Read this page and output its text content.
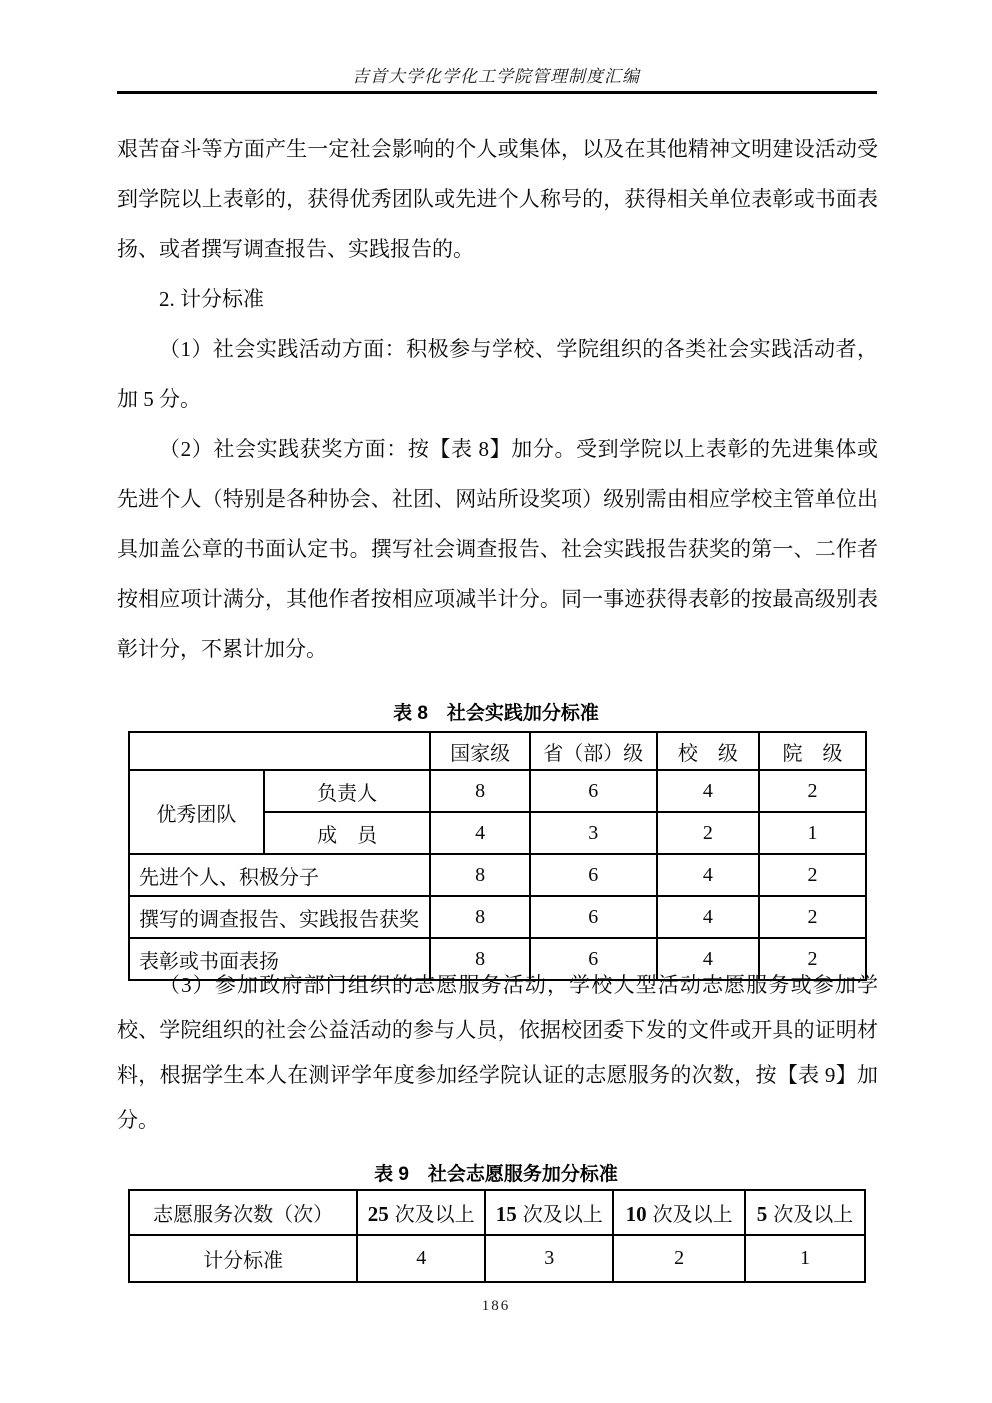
吉首大学化学化工学院管理制度汇编

艰苦奋斗等方面产生一定社会影响的个人或集体，以及在其他精神文明建设活动受到学院以上表彰的，获得优秀团队或先进个人称号的，获得相关单位表彰或书面表扬、或者撰写调查报告、实践报告的。

2. 计分标准

（1）社会实践活动方面：积极参与学校、学院组织的各类社会实践活动者，加 5 分。

（2）社会实践获奖方面：按【表 8】加分。受到学院以上表彰的先进集体或先进个人（特别是各种协会、社团、网站所设奖项）级别需由相应学校主管单位出具加盖公章的书面认定书。撰写社会调查报告、社会实践报告获奖的第一、二作者按相应项计满分，其他作者按相应项减半计分。同一事迹获得表彰的按最高级别表彰计分，不累计加分。

表 8　社会实践加分标准
		国家级	省（部）级	校　级	院　级
优秀团队	负责人	8	6	4	2
	成　员	4	3	2	1
先进个人、积极分子		8	6	4	2
撰写的调查报告、实践报告获奖		8	6	4	2
表彰或书面表扬		8	6	4	2

（3）参加政府部门组织的志愿服务活动，学校大型活动志愿服务或参加学校、学院组织的社会公益活动的参与人员，依据校团委下发的文件或开具的证明材料，根据学生本人在测评学年度参加经学院认证的志愿服务的次数，按【表 9】加分。

表 9　社会志愿服务加分标准
志愿服务次数（次）	25 次及以上	15 次及以上	10 次及以上	5 次及以上
计分标准	4	3	2	1
186
